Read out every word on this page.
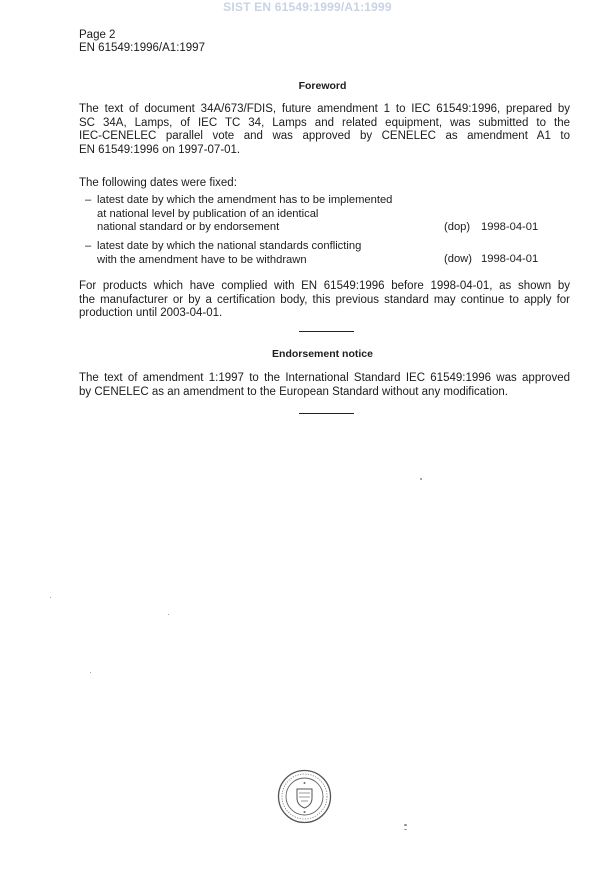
SIST EN 61549:1999/A1:1999
Page 2
EN 61549:1996/A1:1997
Foreword
The text of document 34A/673/FDIS, future amendment 1 to IEC 61549:1996, prepared by
SC 34A, Lamps, of IEC TC 34, Lamps and related equipment, was submitted to the
IEC-CENELEC parallel vote and was approved by CENELEC as amendment A1 to
EN 61549:1996 on 1997-07-01.
The following dates were fixed:
– latest date by which the amendment has to be implemented
at national level by publication of an identical
national standard or by endorsement	(dop) 1998-04-01
– latest date by which the national standards conflicting
with the amendment have to be withdrawn	(dow) 1998-04-01
For products which have complied with EN 61549:1996 before 1998-04-01, as shown by
the manufacturer or by a certification body, this previous standard may continue to apply for
production until 2003-04-01.
Endorsement notice
The text of amendment 1:1997 to the International Standard IEC 61549:1996 was approved
by CENELEC as an amendment to the European Standard without any modification.
